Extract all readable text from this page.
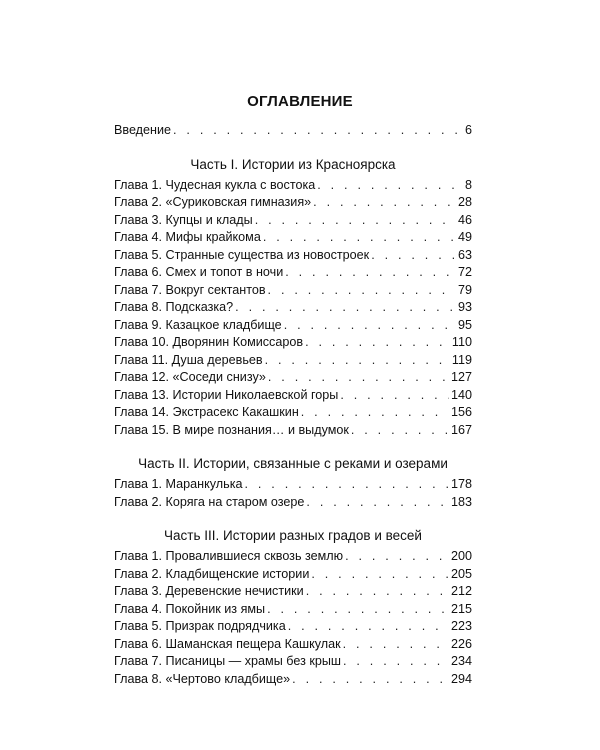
ОГЛАВЛЕНИЕ
Введение . . .	6
Часть I. Истории из Красноярска
Глава 1. Чудесная кукла с востока . . .	8
Глава 2. «Суриковская гимназия» . . .	28
Глава 3. Купцы и клады . . .	46
Глава 4. Мифы крайкома . . .	49
Глава 5. Странные существа из новостроек . . .	63
Глава 6. Смех и топот в ночи . . .	72
Глава 7. Вокруг сектантов . . .	79
Глава 8. Подсказка? . . .	93
Глава 9. Казацкое кладбище . . .	95
Глава 10. Дворянин Комиссаров . . .	110
Глава 11. Душа деревьев . . .	119
Глава 12. «Соседи снизу» . . .	127
Глава 13. Истории Николаевской горы . . .	140
Глава 14. Экстрасекс Какашкин . . .	156
Глава 15. В мире познания… и выдумок . . .	167
Часть II. Истории, связанные с реками и озерами
Глава 1. Маранкулька . . .	178
Глава 2. Коряга на старом озере . . .	183
Часть III. Истории разных градов и весей
Глава 1. Провалившиеся сквозь землю . . .	200
Глава 2. Кладбищенские истории . . .	205
Глава 3. Деревенские нечистики . . .	212
Глава 4. Покойник из ямы . . .	215
Глава 5. Призрак подрядчика . . .	223
Глава 6. Шаманская пещера Кашкулак . . .	226
Глава 7. Писаницы — храмы без крыш . . .	234
Глава 8. «Чертово кладбище» . . .	294
